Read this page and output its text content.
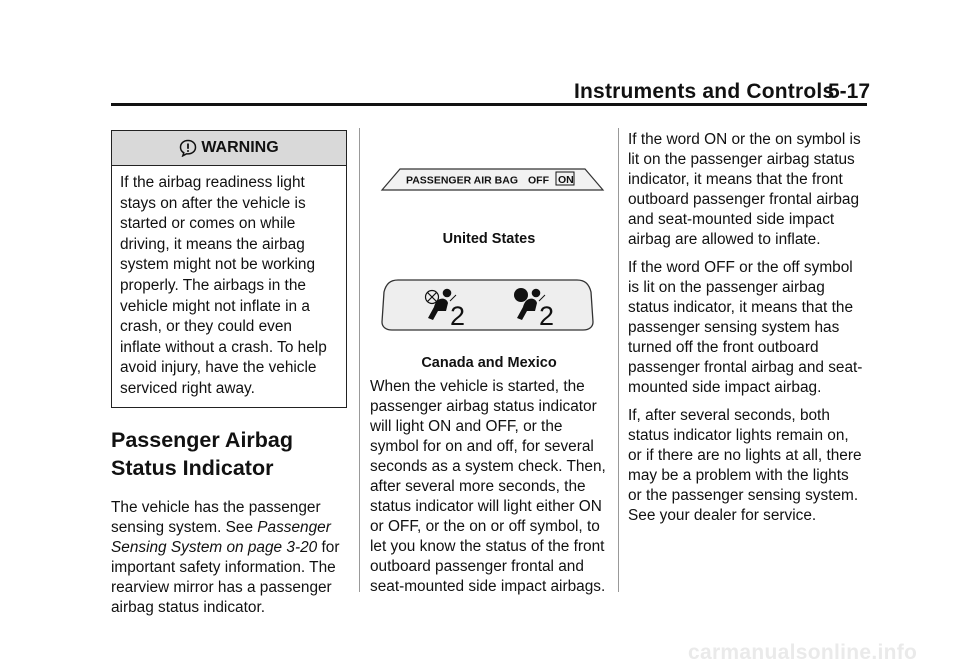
Instruments and Controls
5-17
WARNING
If the airbag readiness light stays on after the vehicle is started or comes on while driving, it means the airbag system might not be working properly. The airbags in the vehicle might not inflate in a crash, or they could even inflate without a crash. To help avoid injury, have the vehicle serviced right away.
Passenger Airbag Status Indicator

The vehicle has the passenger sensing system. See Passenger Sensing System on page 3-20 for important safety information. The rearview mirror has a passenger airbag status indicator.

PASSENGER AIR BAG OFF ON
United States
2	2
Canada and Mexico

When the vehicle is started, the passenger airbag status indicator will light ON and OFF, or the symbol for on and off, for several seconds as a system check. Then, after several more seconds, the status indicator will light either ON or OFF, or the on or off symbol, to let you know the status of the front outboard passenger frontal and seat-mounted side impact airbags.

If the word ON or the on symbol is lit on the passenger airbag status indicator, it means that the front outboard passenger frontal airbag and seat-mounted side impact airbag are allowed to inflate.

If the word OFF or the off symbol is lit on the passenger airbag status indicator, it means that the passenger sensing system has turned off the front outboard passenger frontal airbag and seat-mounted side impact airbag.

If, after several seconds, both status indicator lights remain on, or if there are no lights at all, there may be a problem with the lights or the passenger sensing system. See your dealer for service.

carmanualsonline.info
